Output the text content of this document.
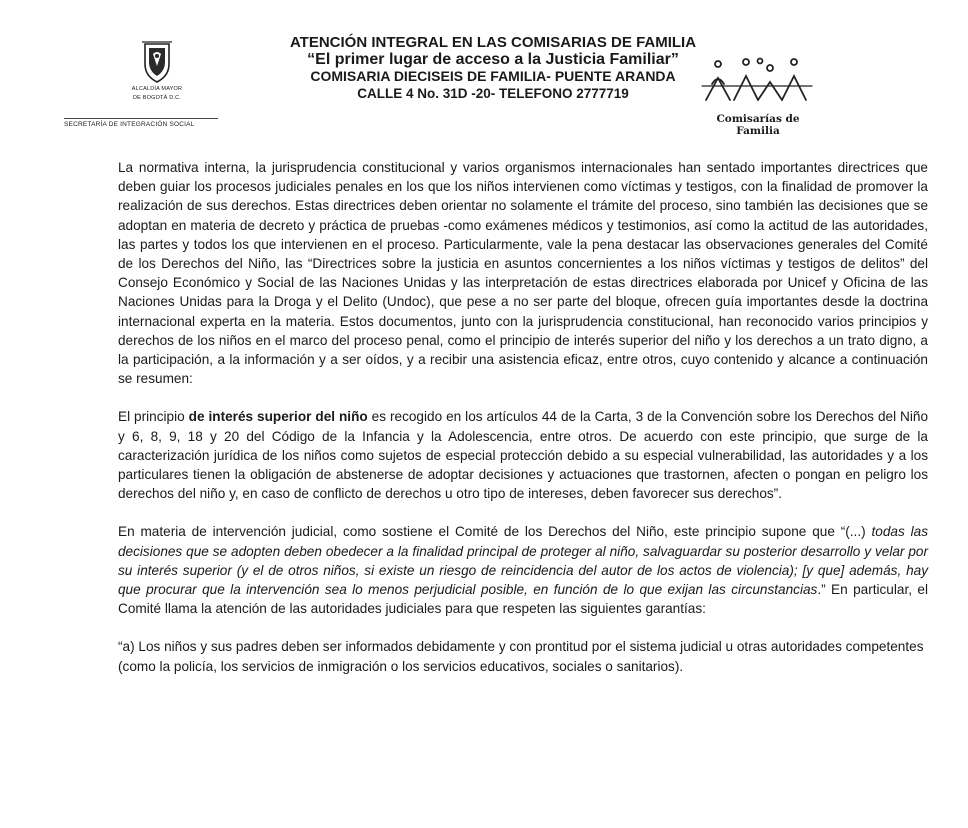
ALCALDÍA MAYOR
DE BOGOTÁ D.C.
SECRETARÍA DE INTEGRACIÓN SOCIAL
ATENCIÓN INTEGRAL EN LAS COMISARIAS DE FAMILIA
“El primer lugar de acceso a la Justicia Familiar”
COMISARIA DIECISEIS DE FAMILIA- PUENTE ARANDA
CALLE 4 No. 31D -20- TELEFONO 2777719
Comisarías de Familia

La normativa interna, la jurisprudencia constitucional y varios organismos internacionales han sentado importantes directrices que deben guiar los procesos judiciales penales en los que los niños intervienen como víctimas y testigos, con la finalidad de promover la realización de sus derechos. Estas directrices deben orientar no solamente el trámite del proceso, sino también las decisiones que se adoptan en materia de decreto y práctica de pruebas -como exámenes médicos y testimonios, así como la actitud de las autoridades, las partes y todos los que intervienen en el proceso. Particularmente, vale la pena destacar las observaciones generales del Comité de los Derechos del Niño, las “Directrices sobre la justicia en asuntos concernientes a los niños víctimas y testigos de delitos” del Consejo Económico y Social de las Naciones Unidas y las interpretación de estas directrices elaborada por Unicef y Oficina de las Naciones Unidas para la Droga y el Delito (Undoc), que pese a no ser parte del bloque, ofrecen guía importantes desde la doctrina internacional experta en la materia. Estos documentos, junto con la jurisprudencia constitucional, han reconocido varios principios y derechos de los niños en el marco del proceso penal, como el principio de interés superior del niño y los derechos a un trato digno, a la participación, a la información y a ser oídos, y a recibir una asistencia eficaz, entre otros, cuyo contenido y alcance a continuación se resumen:

El principio de interés superior del niño es recogido en los artículos 44 de la Carta, 3 de la Convención sobre los Derechos del Niño y 6, 8, 9, 18 y 20 del Código de la Infancia y la Adolescencia, entre otros. De acuerdo con este principio, que surge de la caracterización jurídica de los niños como sujetos de especial protección debido a su especial vulnerabilidad, las autoridades y a los particulares tienen la obligación de abstenerse de adoptar decisiones y actuaciones que trastornen, afecten o pongan en peligro los derechos del niño y, en caso de conflicto de derechos u otro tipo de intereses, deben favorecer sus derechos”.

En materia de intervención judicial, como sostiene el Comité de los Derechos del Niño, este principio supone que “(...) todas las decisiones que se adopten deben obedecer a la finalidad principal de proteger al niño, salvaguardar su posterior desarrollo y velar por su interés superior (y el de otros niños, si existe un riesgo de reincidencia del autor de los actos de violencia); [y que] además, hay que procurar que la intervención sea lo menos perjudicial posible, en función de lo que exijan las circunstancias.” En particular, el Comité llama la atención de las autoridades judiciales para que respeten las siguientes garantías:

“a) Los niños y sus padres deben ser informados debidamente y con prontitud por el sistema judicial u otras autoridades competentes (como la policía, los servicios de inmigración o los servicios educativos, sociales o sanitarios).
